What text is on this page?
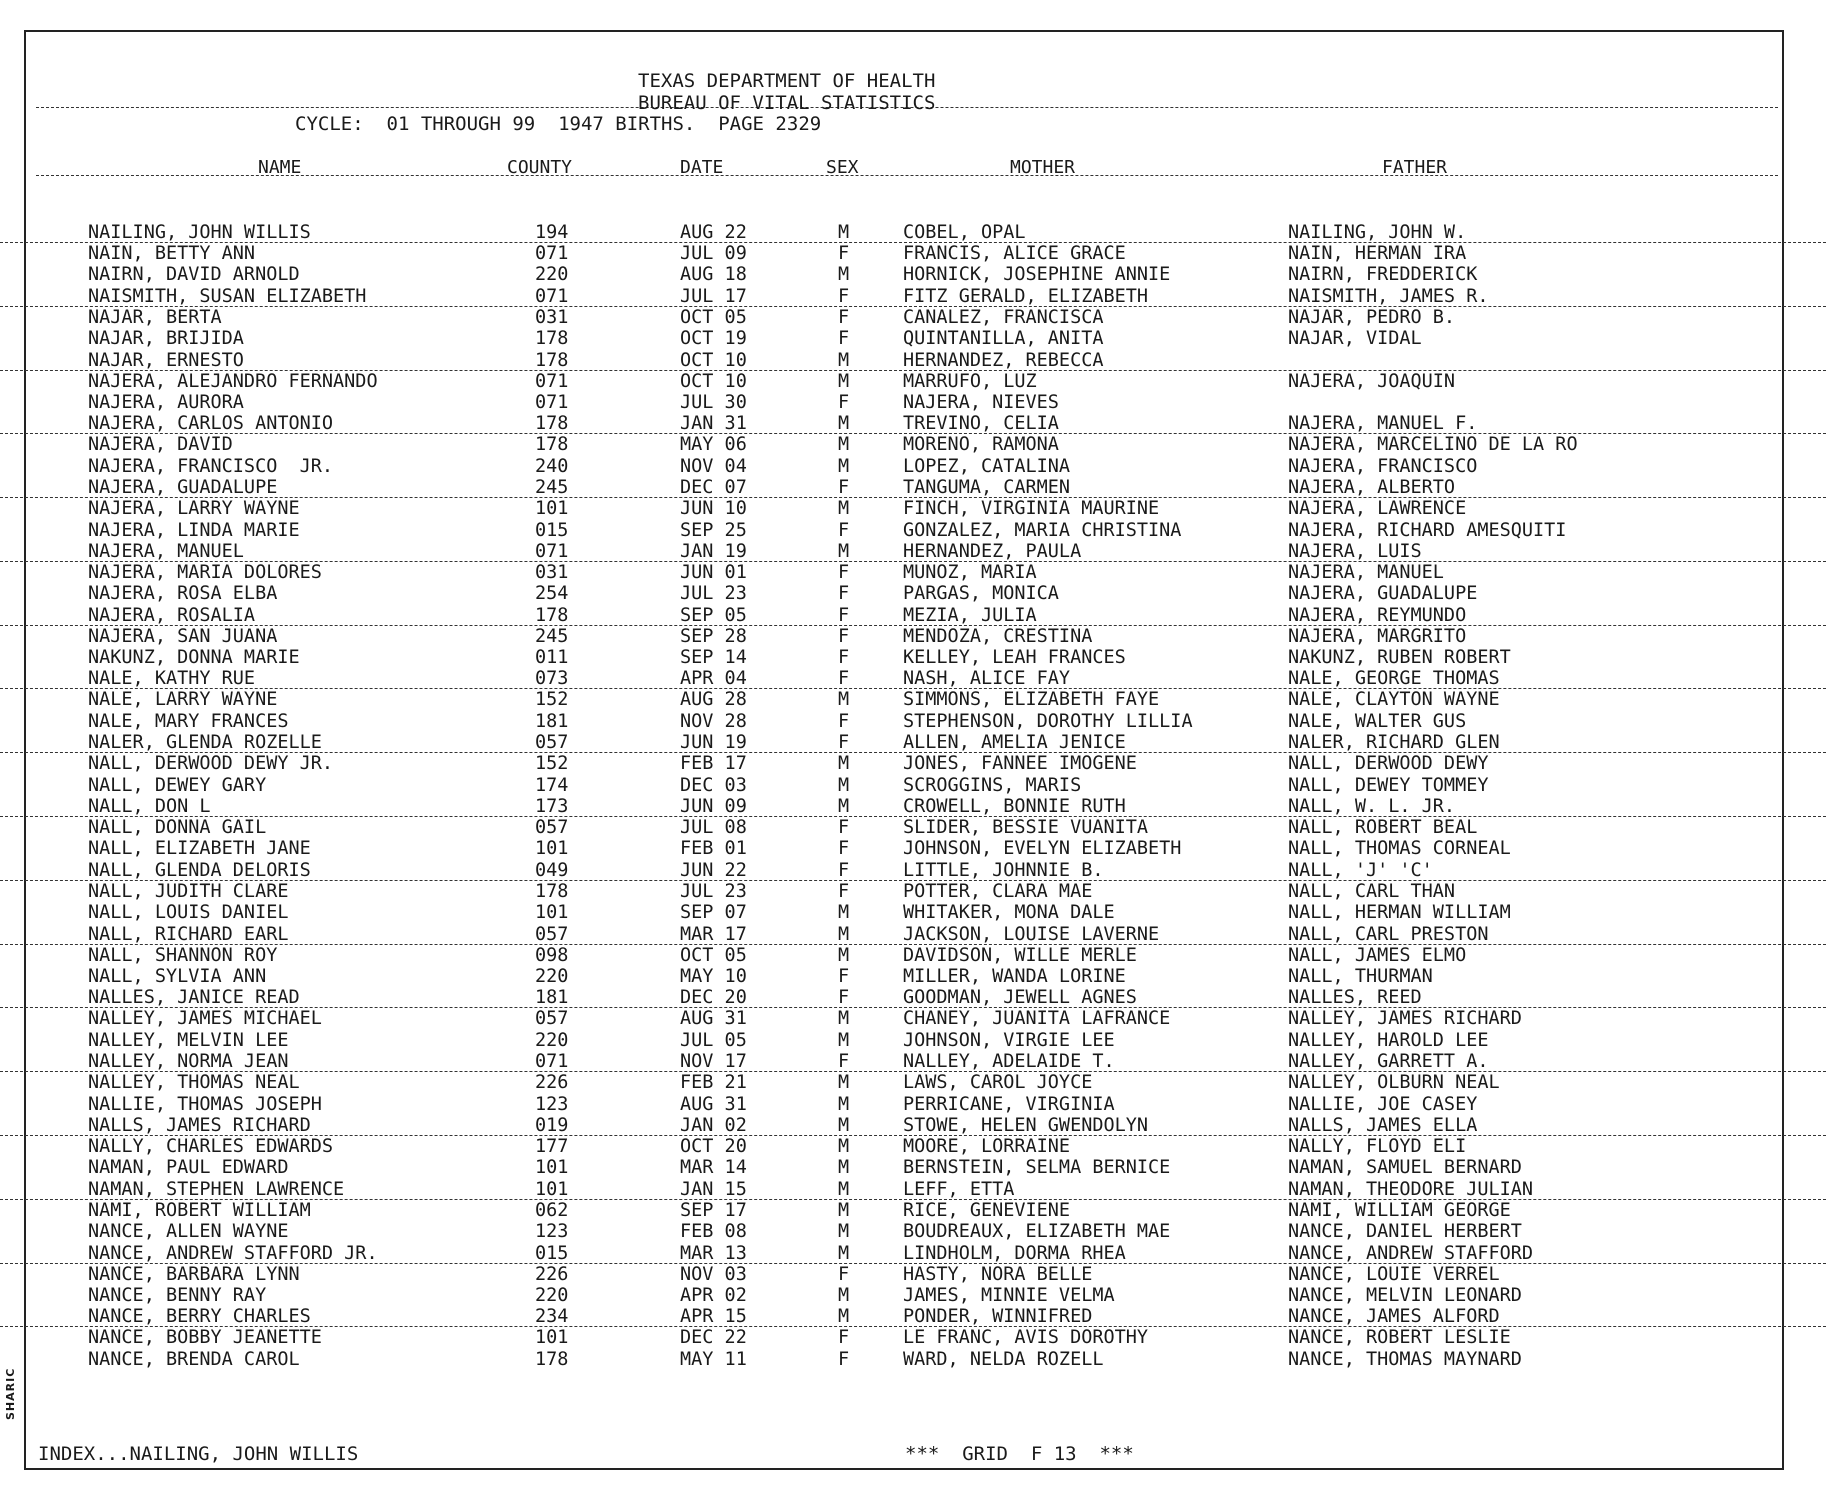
SHARIC
TEXAS DEPARTMENT OF HEALTH
BUREAU OF VITAL STATISTICS
CYCLE:  01 THROUGH 99  1947 BIRTHS.  PAGE 2329
NAME	COUNTY	DATE	SEX	MOTHER	FATHER
NAILING, JOHN WILLIS	194	AUG 22	M	COBEL, OPAL	NAILING, JOHN W.
NAIN, BETTY ANN	071	JUL 09	F	FRANCIS, ALICE GRACE	NAIN, HERMAN IRA
NAIRN, DAVID ARNOLD	220	AUG 18	M	HORNICK, JOSEPHINE ANNIE	NAIRN, FREDDERICK
NAISMITH, SUSAN ELIZABETH	071	JUL 17	F	FITZ GERALD, ELIZABETH	NAISMITH, JAMES R.
NAJAR, BERTA	031	OCT 05	F	CANALEZ, FRANCISCA	NAJAR, PEDRO B.
NAJAR, BRIJIDA	178	OCT 19	F	QUINTANILLA, ANITA	NAJAR, VIDAL
NAJAR, ERNESTO	178	OCT 10	M	HERNANDEZ, REBECCA
NAJERA, ALEJANDRO FERNANDO	071	OCT 10	M	MARRUFO, LUZ	NAJERA, JOAQUIN
NAJERA, AURORA	071	JUL 30	F	NAJERA, NIEVES
NAJERA, CARLOS ANTONIO	178	JAN 31	M	TREVINO, CELIA	NAJERA, MANUEL F.
NAJERA, DAVID	178	MAY 06	M	MORENO, RAMONA	NAJERA, MARCELINO DE LA RO
NAJERA, FRANCISCO  JR.	240	NOV 04	M	LOPEZ, CATALINA	NAJERA, FRANCISCO
NAJERA, GUADALUPE	245	DEC 07	F	TANGUMA, CARMEN	NAJERA, ALBERTO
NAJERA, LARRY WAYNE	101	JUN 10	M	FINCH, VIRGINIA MAURINE	NAJERA, LAWRENCE
NAJERA, LINDA MARIE	015	SEP 25	F	GONZALEZ, MARIA CHRISTINA	NAJERA, RICHARD AMESQUITI
NAJERA, MANUEL	071	JAN 19	M	HERNANDEZ, PAULA	NAJERA, LUIS
NAJERA, MARIA DOLORES	031	JUN 01	F	MUNOZ, MARIA	NAJERA, MANUEL
NAJERA, ROSA ELBA	254	JUL 23	F	PARGAS, MONICA	NAJERA, GUADALUPE
NAJERA, ROSALIA	178	SEP 05	F	MEZIA, JULIA	NAJERA, REYMUNDO
NAJERA, SAN JUANA	245	SEP 28	F	MENDOZA, CRESTINA	NAJERA, MARGRITO
NAKUNZ, DONNA MARIE	011	SEP 14	F	KELLEY, LEAH FRANCES	NAKUNZ, RUBEN ROBERT
NALE, KATHY RUE	073	APR 04	F	NASH, ALICE FAY	NALE, GEORGE THOMAS
NALE, LARRY WAYNE	152	AUG 28	M	SIMMONS, ELIZABETH FAYE	NALE, CLAYTON WAYNE
NALE, MARY FRANCES	181	NOV 28	F	STEPHENSON, DOROTHY LILLIA	NALE, WALTER GUS
NALER, GLENDA ROZELLE	057	JUN 19	F	ALLEN, AMELIA JENICE	NALER, RICHARD GLEN
NALL, DERWOOD DEWY JR.	152	FEB 17	M	JONES, FANNEE IMOGENE	NALL, DERWOOD DEWY
NALL, DEWEY GARY	174	DEC 03	M	SCROGGINS, MARIS	NALL, DEWEY TOMMEY
NALL, DON L	173	JUN 09	M	CROWELL, BONNIE RUTH	NALL, W. L. JR.
NALL, DONNA GAIL	057	JUL 08	F	SLIDER, BESSIE VUANITA	NALL, ROBERT BEAL
NALL, ELIZABETH JANE	101	FEB 01	F	JOHNSON, EVELYN ELIZABETH	NALL, THOMAS CORNEAL
NALL, GLENDA DELORIS	049	JUN 22	F	LITTLE, JOHNNIE B.	NALL, 'J' 'C'
NALL, JUDITH CLARE	178	JUL 23	F	POTTER, CLARA MAE	NALL, CARL THAN
NALL, LOUIS DANIEL	101	SEP 07	M	WHITAKER, MONA DALE	NALL, HERMAN WILLIAM
NALL, RICHARD EARL	057	MAR 17	M	JACKSON, LOUISE LAVERNE	NALL, CARL PRESTON
NALL, SHANNON ROY	098	OCT 05	M	DAVIDSON, WILLE MERLE	NALL, JAMES ELMO
NALL, SYLVIA ANN	220	MAY 10	F	MILLER, WANDA LORINE	NALL, THURMAN
NALLES, JANICE READ	181	DEC 20	F	GOODMAN, JEWELL AGNES	NALLES, REED
NALLEY, JAMES MICHAEL	057	AUG 31	M	CHANEY, JUANITA LAFRANCE	NALLEY, JAMES RICHARD
NALLEY, MELVIN LEE	220	JUL 05	M	JOHNSON, VIRGIE LEE	NALLEY, HAROLD LEE
NALLEY, NORMA JEAN	071	NOV 17	F	NALLEY, ADELAIDE T.	NALLEY, GARRETT A.
NALLEY, THOMAS NEAL	226	FEB 21	M	LAWS, CAROL JOYCE	NALLEY, OLBURN NEAL
NALLIE, THOMAS JOSEPH	123	AUG 31	M	PERRICANE, VIRGINIA	NALLIE, JOE CASEY
NALLS, JAMES RICHARD	019	JAN 02	M	STOWE, HELEN GWENDOLYN	NALLS, JAMES ELLA
NALLY, CHARLES EDWARDS	177	OCT 20	M	MOORE, LORRAINE	NALLY, FLOYD ELI
NAMAN, PAUL EDWARD	101	MAR 14	M	BERNSTEIN, SELMA BERNICE	NAMAN, SAMUEL BERNARD
NAMAN, STEPHEN LAWRENCE	101	JAN 15	M	LEFF, ETTA	NAMAN, THEODORE JULIAN
NAMI, ROBERT WILLIAM	062	SEP 17	M	RICE, GENEVIENE	NAMI, WILLIAM GEORGE
NANCE, ALLEN WAYNE	123	FEB 08	M	BOUDREAUX, ELIZABETH MAE	NANCE, DANIEL HERBERT
NANCE, ANDREW STAFFORD JR.	015	MAR 13	M	LINDHOLM, DORMA RHEA	NANCE, ANDREW STAFFORD
NANCE, BARBARA LYNN	226	NOV 03	F	HASTY, NORA BELLE	NANCE, LOUIE VERREL
NANCE, BENNY RAY	220	APR 02	M	JAMES, MINNIE VELMA	NANCE, MELVIN LEONARD
NANCE, BERRY CHARLES	234	APR 15	M	PONDER, WINNIFRED	NANCE, JAMES ALFORD
NANCE, BOBBY JEANETTE	101	DEC 22	F	LE FRANC, AVIS DOROTHY	NANCE, ROBERT LESLIE
NANCE, BRENDA CAROL	178	MAY 11	F	WARD, NELDA ROZELL	NANCE, THOMAS MAYNARD
INDEX...NAILING, JOHN WILLIS	***  GRID  F 13  ***
